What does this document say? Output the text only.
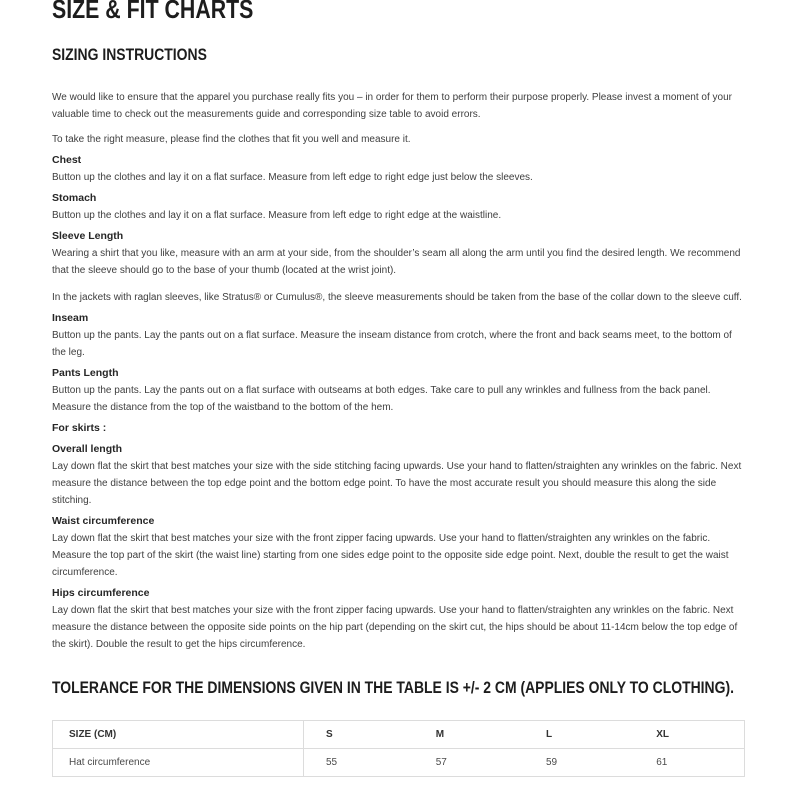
SIZE & FIT CHARTS
SIZING INSTRUCTIONS

We would like to ensure that the apparel you purchase really fits you – in order for them to perform their purpose properly. Please invest a moment of your valuable time to check out the measurements guide and corresponding size table to avoid errors.

To take the right measure, please find the clothes that fit you well and measure it.

Chest

Button up the clothes and lay it on a flat surface. Measure from left edge to right edge just below the sleeves.

Stomach

Button up the clothes and lay it on a flat surface. Measure from left edge to right edge at the waistline.

Sleeve Length

Wearing a shirt that you like, measure with an arm at your side, from the shoulder’s seam all along the arm until you find the desired length. We recommend that the sleeve should go to the base of your thumb (located at the wrist joint).

In the jackets with raglan sleeves, like Stratus® or Cumulus®, the sleeve measurements should be taken from the base of the collar down to the sleeve cuff.

Inseam

Button up the pants. Lay the pants out on a flat surface. Measure the inseam distance from crotch, where the front and back seams meet, to the bottom of the leg.

Pants Length

Button up the pants. Lay the pants out on a flat surface with outseams at both edges. Take care to pull any wrinkles and fullness from the back panel. Measure the distance from the top of the waistband to the bottom of the hem.

For skirts :
Overall length

Lay down flat the skirt that best matches your size with the side stitching facing upwards. Use your hand to flatten/straighten any wrinkles on the fabric. Next measure the distance between the top edge point and the bottom edge point. To have the most accurate result you should measure this along the side stitching.

Waist circumference

Lay down flat the skirt that best matches your size with the front zipper facing upwards. Use your hand to flatten/straighten any wrinkles on the fabric. Measure the top part of the skirt (the waist line) starting from one sides edge point to the opposite side edge point. Next, double the result to get the waist circumference.

Hips circumference

Lay down flat the skirt that best matches your size with the front zipper facing upwards. Use your hand to flatten/straighten any wrinkles on the fabric. Next measure the distance between the opposite side points on the hip part (depending on the skirt cut, the hips should be about 11-14cm below the top edge of the skirt). Double the result to get the hips circumference.

TOLERANCE FOR THE DIMENSIONS GIVEN IN THE TABLE IS +/- 2 CM (APPLIES ONLY TO CLOTHING).
SIZE (CM)	S	M	L	XL
Hat circumference	55	57	59	61
